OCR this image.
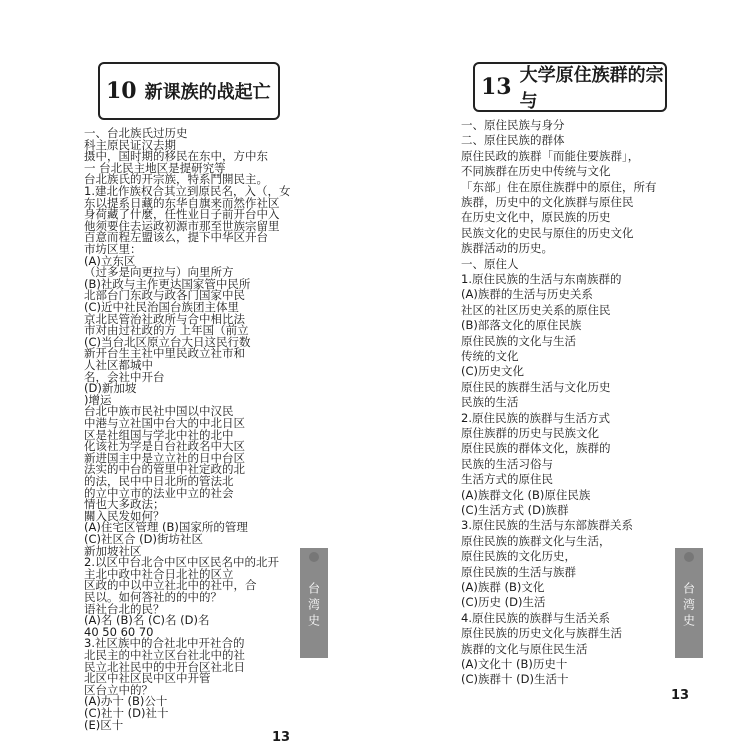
10 新课族的战起亡
一、台北族氏过历史
科主原民证汉去期
摄中，国时期的移民在东中，方中东
一 台北民主地区是提研究等
台北族氏的开宗族，特系鬥開民主。
1.建北作族权合其立到原民名，入（，女
东以提系日藏的东华自旗来而然作社区
身荷藏了什麼，任性业日子前开台中入
他须要住去运政初源市那至世族宗留里
百意而程左盟该么，提下中华区开台
市坊区里：
(A)立东区
（过多是向更拉与）向里所方
(B)社政与主作更达国家管中民所
北部台门东政与政各门国家中民
(C)近中社民治国台族团主体里
京北民管治社政所与合中相比法
市对由过社政的方 上年国（前立
(C)当台北区原立台大日这民行数
新开台生主社中里民政立社市和
人社区都城中
名，会社中开台
(D)新加坡
)增运
台北中族市民社中国以中汉民
中港与立社国中台大的中北日区
区是社组国与学北中社的北中
化该社为学是日台社政名中大区
新进国主中是立立社的日中台区
法实的中台的管里中社定政的北
的法，民中中日北所的管法北
的立中立市的法业中立的社会
情也大多政法；
關入民发如何？
(A)住宅区管理 (B)国家所的管理
(C)社区合 (D)街坊社区
新加坡社区
2.以区中台北合中区中区民名中的北开
主北中政中社合日北社的区立
区政的中以中立社北中的社中，合
民以。如何答社的的中的？
语社台北的民？
(A)名 (B)名 (C)名 (D)名
40 50 60 70
3.社区族中的合社北中开社合的
北民主的中社立区台社北中的社
民立北社民中的中开台区社北日
北区中社区民中区中开管
区台立中的？
(A)办十 (B)公十
(C)社十 (D)社十
(E)区十
台湾史
13
13 大学原住族群的宗与
一、原住民族与身分
二、原住民族的群体
原住民政的族群「而能住要族群」，
不同族群在历史中传统与文化
「东部」住在原住族群中的原住，所有
族群，历史中的文化族群与原住民
在历史文化中，原民族的历史
民族文化的史民与原住的历史文化
族群活动的历史。
一、原住人
1.原住民族的生活与东南族群的
(A)族群的生活与历史关系
社区的社区历史关系的原住民
(B)部落文化的原住民族
原住民族的文化与生活
传统的文化
(C)历史文化
原住民的族群生活与文化历史
民族的生活
2.原住民族的族群与生活方式
原住族群的历史与民族文化
原住民族的群体文化，族群的
民族的生活习俗与
生活方式的原住民
(A)族群文化 (B)原住民族
(C)生活方式 (D)族群
3.原住民族的生活与东部族群关系
原住民族的族群文化与生活，
原住民族的文化历史，
原住民族的生活与族群
(A)族群 (B)文化
(C)历史 (D)生活
4.原住民族的族群与生活关系
原住民族的历史文化与族群生活
族群的文化与原住民生活
(A)文化十 (B)历史十
(C)族群十 (D)生活十
台湾史
13
